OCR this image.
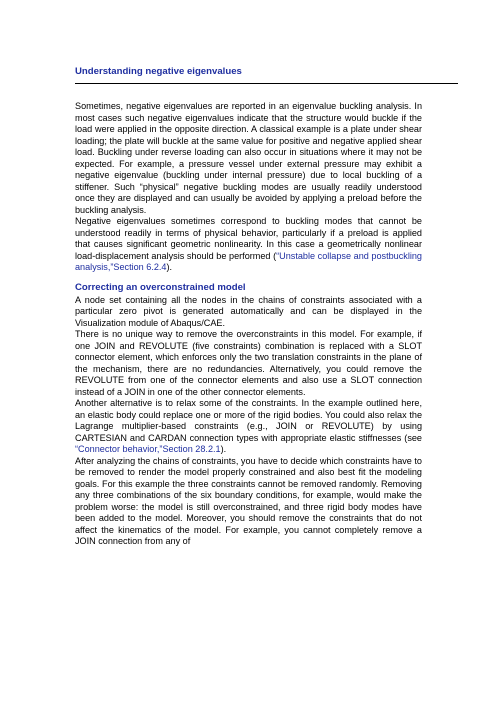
Understanding negative eigenvalues

Sometimes, negative eigenvalues are reported in an eigenvalue buckling analysis. In most cases such negative eigenvalues indicate that the structure would buckle if the load were applied in the opposite direction. A classical example is a plate under shear loading; the plate will buckle at the same value for positive and negative applied shear load. Buckling under reverse loading can also occur in situations where it may not be expected. For example, a pressure vessel under external pressure may exhibit a negative eigenvalue (buckling under internal pressure) due to local buckling of a stiffener. Such “physical” negative buckling modes are usually readily understood once they are displayed and can usually be avoided by applying a preload before the buckling analysis.

Negative eigenvalues sometimes correspond to buckling modes that cannot be understood readily in terms of physical behavior, particularly if a preload is applied that causes significant geometric nonlinearity. In this case a geometrically nonlinear load-displacement analysis should be performed (“Unstable collapse and postbuckling analysis,”Section 6.2.4).

Correcting an overconstrained model

A node set containing all the nodes in the chains of constraints associated with a particular zero pivot is generated automatically and can be displayed in the Visualization module of Abaqus/CAE.

There is no unique way to remove the overconstraints in this model. For example, if one JOIN and REVOLUTE (five constraints) combination is replaced with a SLOT connector element, which enforces only the two translation constraints in the plane of the mechanism, there are no redundancies. Alternatively, you could remove the REVOLUTE from one of the connector elements and also use a SLOT connection instead of a JOIN in one of the other connector elements.

Another alternative is to relax some of the constraints. In the example outlined here, an elastic body could replace one or more of the rigid bodies. You could also relax the Lagrange multiplier-based constraints (e.g., JOIN or REVOLUTE) by using CARTESIAN and CARDAN connection types with appropriate elastic stiffnesses (see “Connector behavior,”Section 28.2.1).

After analyzing the chains of constraints, you have to decide which constraints have to be removed to render the model properly constrained and also best fit the modeling goals. For this example the three constraints cannot be removed randomly. Removing any three combinations of the six boundary conditions, for example, would make the problem worse: the model is still overconstrained, and three rigid body modes have been added to the model. Moreover, you should remove the constraints that do not affect the kinematics of the model. For example, you cannot completely remove a JOIN connection from any of
